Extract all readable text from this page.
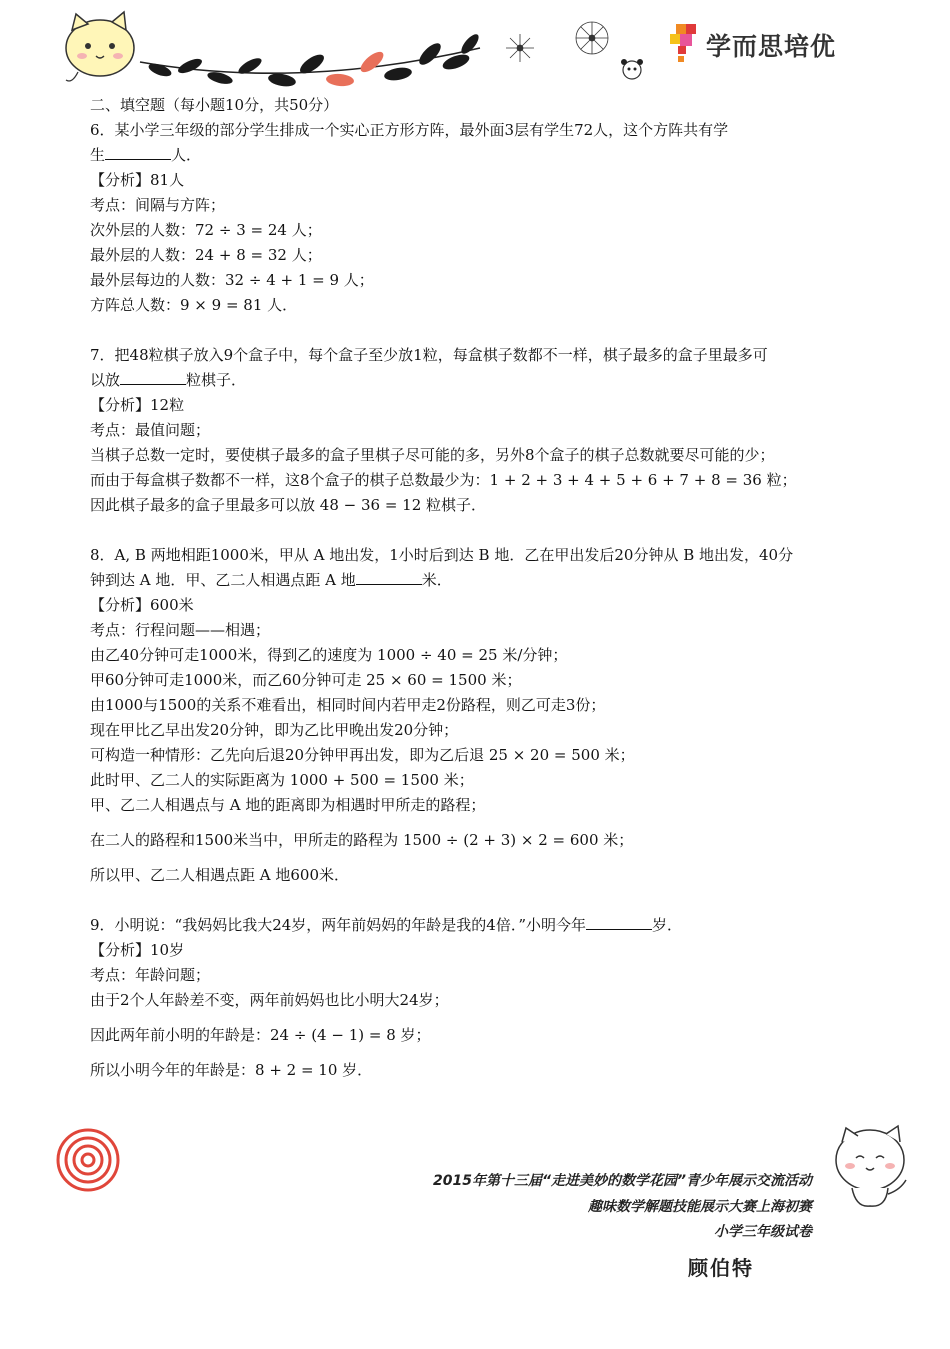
学而思培优
二、填空题（每小题10分，共50分）
6．某小学三年级的部分学生排成一个实心正方形方阵，最外面3层有学生72人，这个方阵共有学
生	人．
【分析】81人
考点：间隔与方阵；
次外层的人数：72 ÷ 3 = 24 人；
最外层的人数：24 + 8 = 32 人；
最外层每边的人数：32 ÷ 4 + 1 = 9 人；
方阵总人数：9 × 9 = 81 人．
7．把48粒棋子放入9个盒子中，每个盒子至少放1粒，每盒棋子数都不一样，棋子最多的盒子里最多可
以放	粒棋子．
【分析】12粒
考点：最值问题；
当棋子总数一定时，要使棋子最多的盒子里棋子尽可能的多，另外8个盒子的棋子总数就要尽可能的少；
而由于每盒棋子数都不一样，这8个盒子的棋子总数最少为：1 + 2 + 3 + 4 + 5 + 6 + 7 + 8 = 36 粒；
因此棋子最多的盒子里最多可以放 48 − 36 = 12 粒棋子．
8．A, B 两地相距1000米，甲从 A 地出发，1小时后到达 B 地．乙在甲出发后20分钟从 B 地出发，40分
钟到达 A 地．甲、乙二人相遇点距 A 地	米．
【分析】600米
考点：行程问题——相遇；
由乙40分钟可走1000米，得到乙的速度为 1000 ÷ 40 = 25 米/分钟；
甲60分钟可走1000米，而乙60分钟可走 25 × 60 = 1500 米；
由1000与1500的关系不难看出，相同时间内若甲走2份路程，则乙可走3份；
现在甲比乙早出发20分钟，即为乙比甲晚出发20分钟；
可构造一种情形：乙先向后退20分钟甲再出发，即为乙后退 25 × 20 = 500 米；
此时甲、乙二人的实际距离为 1000 + 500 = 1500 米；
甲、乙二人相遇点与 A 地的距离即为相遇时甲所走的路程；
在二人的路程和1500米当中，甲所走的路程为 1500 ÷ (2 + 3) × 2 = 600 米；
所以甲、乙二人相遇点距 A 地600米．
9．小明说：“我妈妈比我大24岁，两年前妈妈的年龄是我的4倍．”小明今年	岁．
【分析】10岁
考点：年龄问题；
由于2个人年龄差不变，两年前妈妈也比小明大24岁；
因此两年前小明的年龄是：24 ÷ (4 − 1) = 8 岁；
所以小明今年的年龄是：8 + 2 = 10 岁．
2015年第十三届“走进美妙的数学花园”青少年展示交流活动
趣味数学解题技能展示大赛上海初赛
小学三年级试卷
顾伯特
